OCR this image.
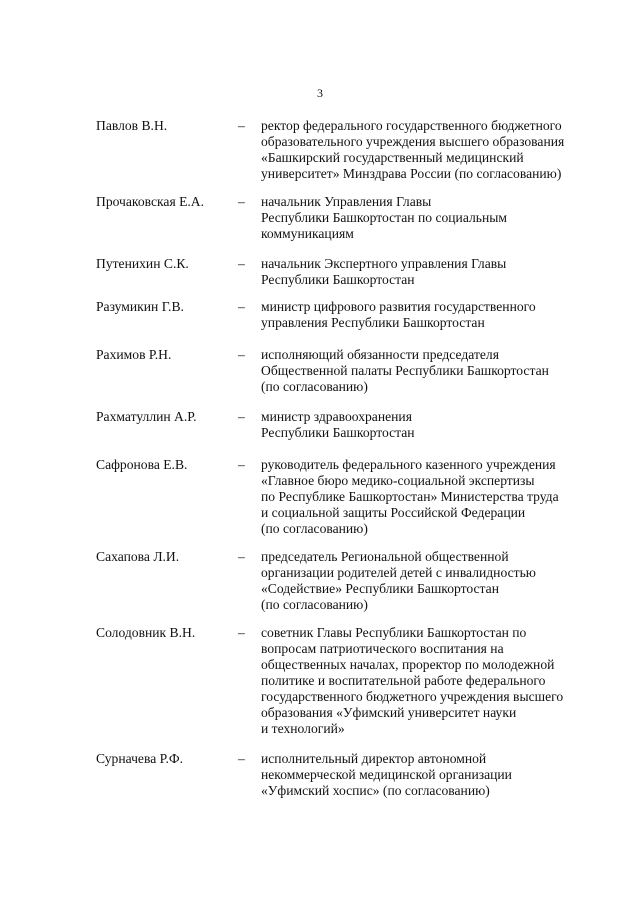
3
Павлов В.Н.	– ректор федерального государственного бюджетного
образовательного учреждения высшего образования
«Башкирский государственный медицинский
университет» Минздрава России (по согласованию)
Прочаковская Е.А. – начальник Управления Главы
Республики Башкортостан по социальным
коммуникациям
Путенихин С.К.	– начальник Экспертного управления Главы
Республики Башкортостан
Разумикин Г.В.	– министр цифрового развития государственного
управления Республики Башкортостан
Рахимов Р.Н.	– исполняющий обязанности председателя
Общественной палаты Республики Башкортостан
(по согласованию)
Рахматуллин А.Р.	– министр здравоохранения
Республики Башкортостан
Сафронова Е.В.	– руководитель федерального казенного учреждения
«Главное бюро медико-социальной экспертизы
по Республике Башкортостан» Министерства труда
и социальной защиты Российской Федерации
(по согласованию)
Сахапова Л.И.	– председатель Региональной общественной
организации родителей детей с инвалидностью
«Содействие» Республики Башкортостан
(по согласованию)
Солодовник В.Н.	– советник Главы Республики Башкортостан по
вопросам патриотического воспитания на
общественных началах, проректор по молодежной
политике и воспитательной работе федерального
государственного бюджетного учреждения высшего
образования «Уфимский университет науки
и технологий»
Сурначева Р.Ф.	– исполнительный директор автономной
некоммерческой медицинской организации
«Уфимский хоспис» (по согласованию)
